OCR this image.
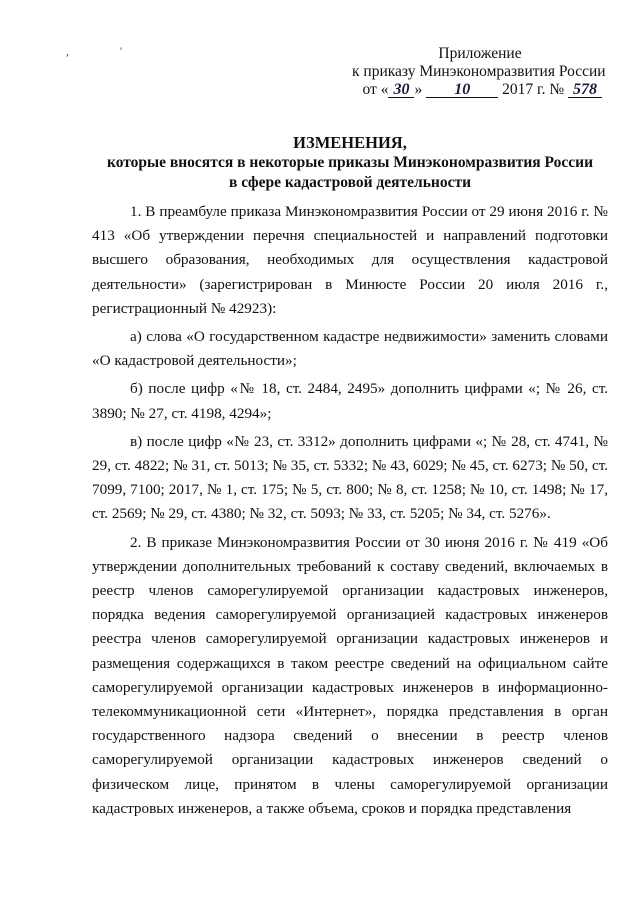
, '	Приложение
к приказу Минэкономразвития России
от « 30 » 10 2017 г. № 578
ИЗМЕНЕНИЯ,
которые вносятся в некоторые приказы Минэкономразвития России
в сфере кадастровой деятельности

1. В преамбуле приказа Минэкономразвития России от 29 июня 2016 г. № 413 «Об утверждении перечня специальностей и направлений подготовки высшего образования, необходимых для осуществления кадастровой деятельности» (зарегистрирован в Минюсте России 20 июля 2016 г., регистрационный № 42923):

а) слова «О государственном кадастре недвижимости» заменить словами «О кадастровой деятельности»;

б) после цифр «№ 18, ст. 2484, 2495» дополнить цифрами «; № 26, ст. 3890; № 27, ст. 4198, 4294»;

в) после цифр «№ 23, ст. 3312» дополнить цифрами «; № 28, ст. 4741, № 29, ст. 4822; № 31, ст. 5013; № 35, ст. 5332; № 43, 6029; № 45, ст. 6273; № 50, ст. 7099, 7100; 2017, № 1, ст. 175; № 5, ст. 800; № 8, ст. 1258; № 10, ст. 1498; № 17, ст. 2569; № 29, ст. 4380; № 32, ст. 5093; № 33, ст. 5205; № 34, ст. 5276».

2. В приказе Минэкономразвития России от 30 июня 2016 г. № 419 «Об утверждении дополнительных требований к составу сведений, включаемых в реестр членов саморегулируемой организации кадастровых инженеров, порядка ведения саморегулируемой организацией кадастровых инженеров реестра членов саморегулируемой организации кадастровых инженеров и размещения содержащихся в таком реестре сведений на официальном сайте саморегулируемой организации кадастровых инженеров в информационно-телекоммуникационной сети «Интернет», порядка представления в орган государственного надзора сведений о внесении в реестр членов саморегулируемой организации кадастровых инженеров сведений о физическом лице, принятом в члены саморегулируемой организации кадастровых инженеров, а также объема, сроков и порядка представления
